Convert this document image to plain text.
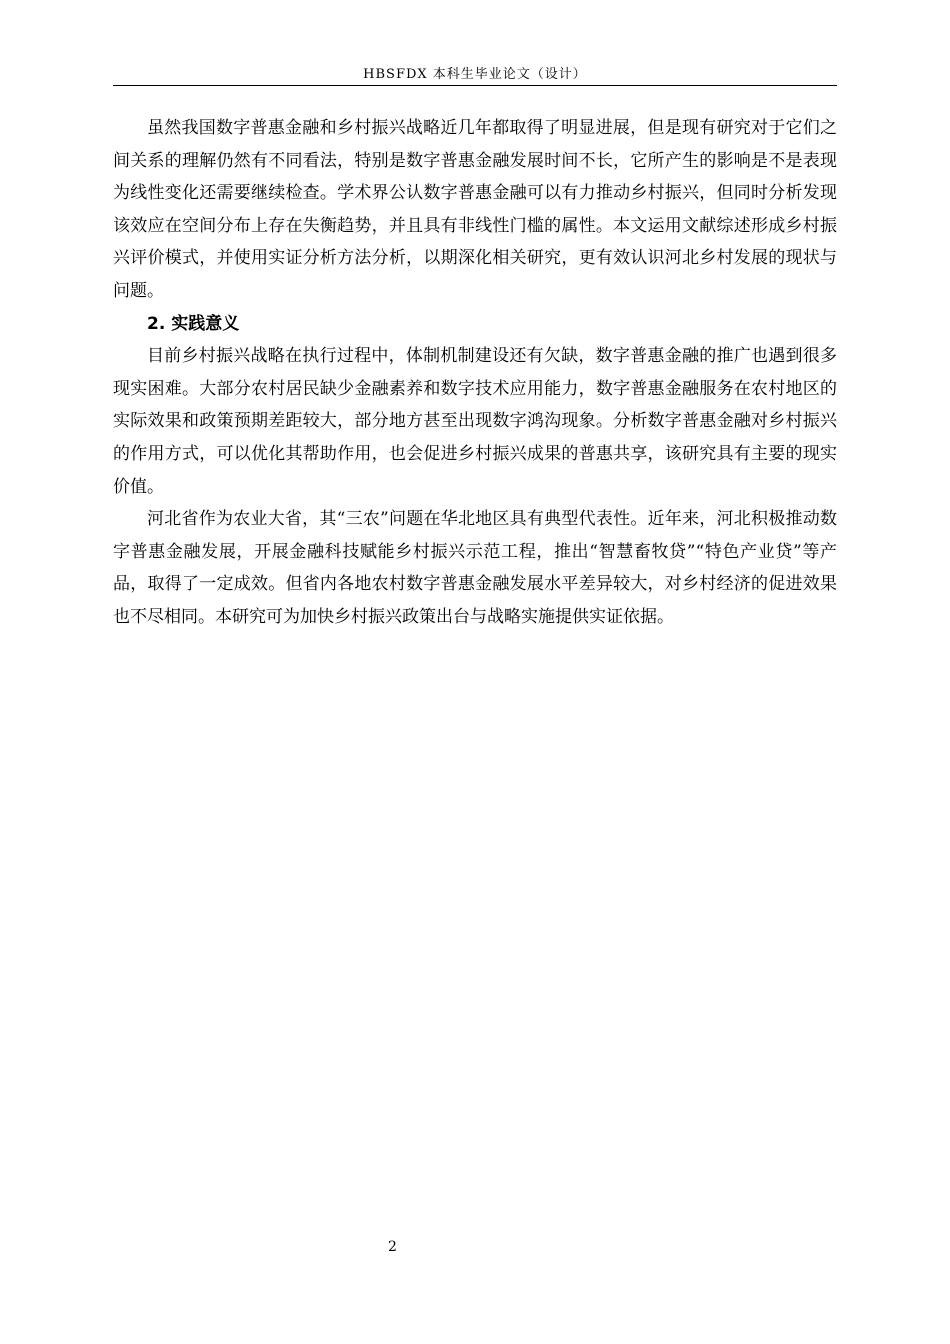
HBSFDX 本科生毕业论文（设计）

虽然我国数字普惠金融和乡村振兴战略近几年都取得了明显进展，但是现有研究对于它们之间关系的理解仍然有不同看法，特别是数字普惠金融发展时间不长，它所产生的影响是不是表现为线性变化还需要继续检查。学术界公认数字普惠金融可以有力推动乡村振兴，但同时分析发现该效应在空间分布上存在失衡趋势，并且具有非线性门槛的属性。本文运用文献综述形成乡村振兴评价模式，并使用实证分析方法分析，以期深化相关研究，更有效认识河北乡村发展的现状与问题。

2. 实践意义

目前乡村振兴战略在执行过程中，体制机制建设还有欠缺，数字普惠金融的推广也遇到很多现实困难。大部分农村居民缺少金融素养和数字技术应用能力，数字普惠金融服务在农村地区的实际效果和政策预期差距较大，部分地方甚至出现数字鸿沟现象。分析数字普惠金融对乡村振兴的作用方式，可以优化其帮助作用，也会促进乡村振兴成果的普惠共享，该研究具有主要的现实价值。

河北省作为农业大省，其“三农”问题在华北地区具有典型代表性。近年来，河北积极推动数字普惠金融发展，开展金融科技赋能乡村振兴示范工程，推出“智慧畜牧贷”“特色产业贷”等产品，取得了一定成效。但省内各地农村数字普惠金融发展水平差异较大，对乡村经济的促进效果也不尽相同。本研究可为加快乡村振兴政策出台与战略实施提供实证依据。

2
